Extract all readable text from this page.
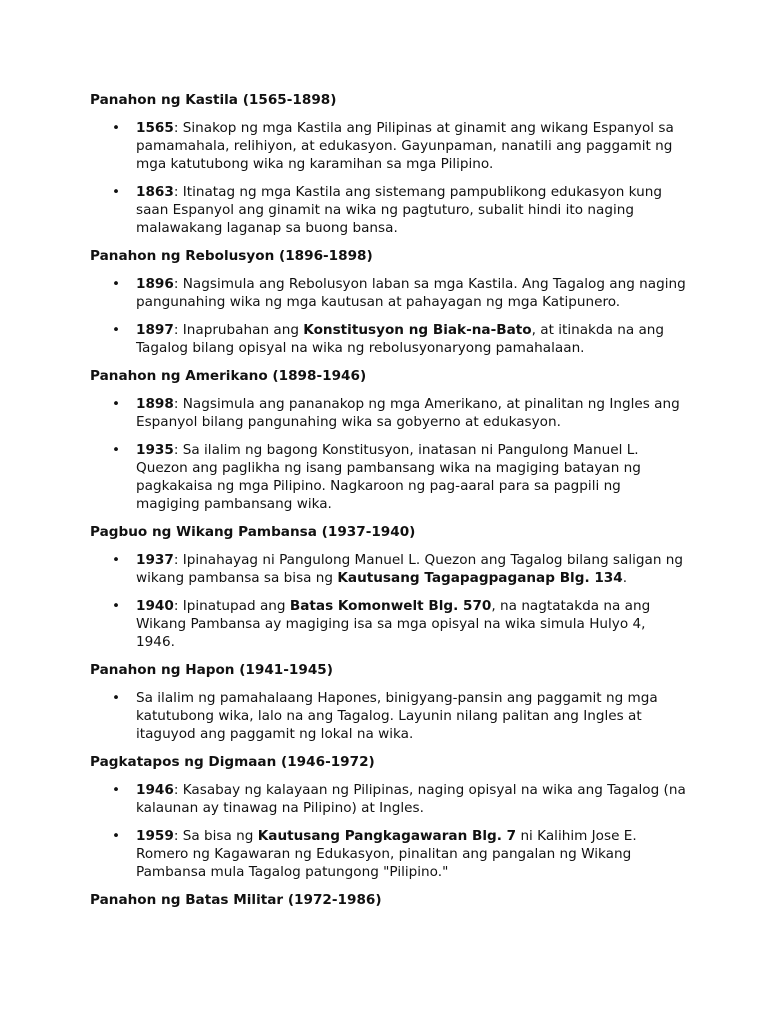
Panahon ng Kastila (1565-1898)
• 1565: Sinakop ng mga Kastila ang Pilipinas at ginamit ang wikang Espanyol sa pamamahala, relihiyon, at edukasyon. Gayunpaman, nanatili ang paggamit ng mga katutubong wika ng karamihan sa mga Pilipino.
• 1863: Itinatag ng mga Kastila ang sistemang pampublikong edukasyon kung saan Espanyol ang ginamit na wika ng pagtuturo, subalit hindi ito naging malawakang laganap sa buong bansa.
Panahon ng Rebolusyon (1896-1898)
• 1896: Nagsimula ang Rebolusyon laban sa mga Kastila. Ang Tagalog ang naging pangunahing wika ng mga kautusan at pahayagan ng mga Katipunero.
• 1897: Inaprubahan ang Konstitusyon ng Biak-na-Bato, at itinakda na ang Tagalog bilang opisyal na wika ng rebolusyonaryong pamahalaan.
Panahon ng Amerikano (1898-1946)
• 1898: Nagsimula ang pananakop ng mga Amerikano, at pinalitan ng Ingles ang Espanyol bilang pangunahing wika sa gobyerno at edukasyon.
• 1935: Sa ilalim ng bagong Konstitusyon, inatasan ni Pangulong Manuel L. Quezon ang paglikha ng isang pambansang wika na magiging batayan ng pagkakaisa ng mga Pilipino. Nagkaroon ng pag-aaral para sa pagpili ng magiging pambansang wika.
Pagbuo ng Wikang Pambansa (1937-1940)
• 1937: Ipinahayag ni Pangulong Manuel L. Quezon ang Tagalog bilang saligan ng wikang pambansa sa bisa ng Kautusang Tagapagpaganap Blg. 134.
• 1940: Ipinatupad ang Batas Komonwelt Blg. 570, na nagtatakda na ang Wikang Pambansa ay magiging isa sa mga opisyal na wika simula Hulyo 4, 1946.
Panahon ng Hapon (1941-1945)
• Sa ilalim ng pamahalaang Hapones, binigyang-pansin ang paggamit ng mga katutubong wika, lalo na ang Tagalog. Layunin nilang palitan ang Ingles at itaguyod ang paggamit ng lokal na wika.
Pagkatapos ng Digmaan (1946-1972)
• 1946: Kasabay ng kalayaan ng Pilipinas, naging opisyal na wika ang Tagalog (na kalaunan ay tinawag na Pilipino) at Ingles.
• 1959: Sa bisa ng Kautusang Pangkagawaran Blg. 7 ni Kalihim Jose E. Romero ng Kagawaran ng Edukasyon, pinalitan ang pangalan ng Wikang Pambansa mula Tagalog patungong "Pilipino."
Panahon ng Batas Militar (1972-1986)
